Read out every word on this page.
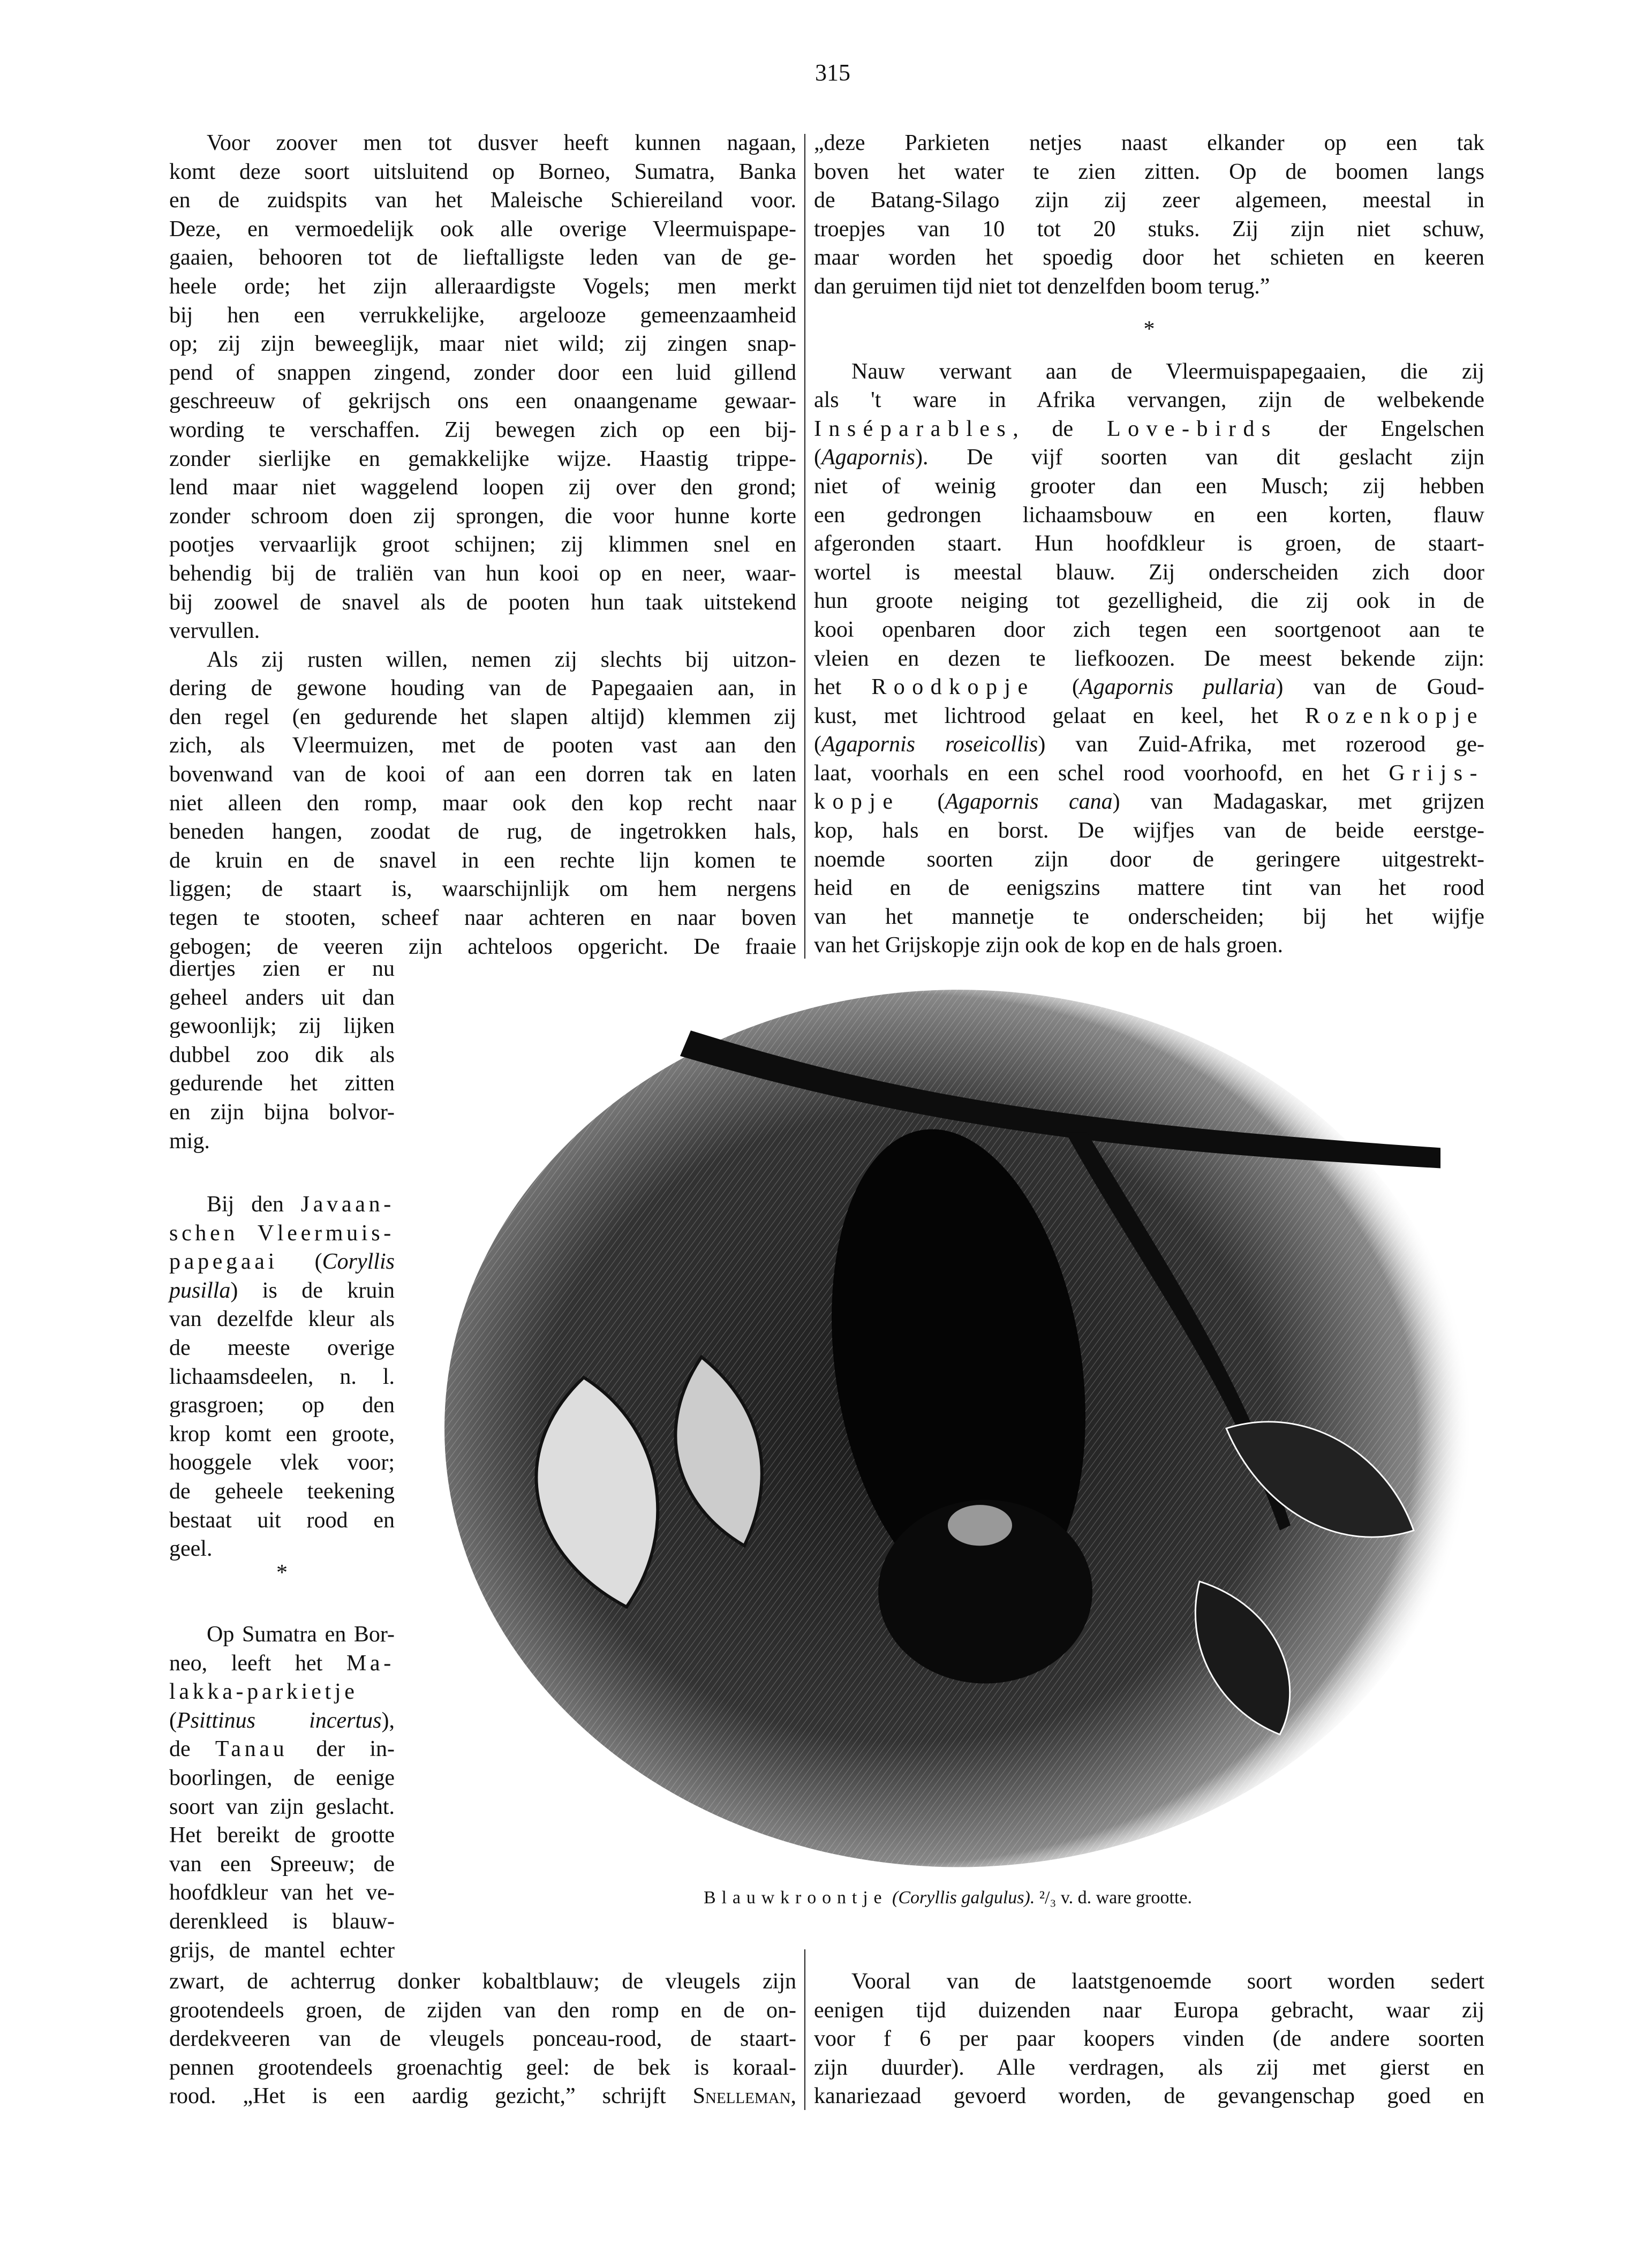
315
Voor zoover men tot dusver heeft kunnen nagaan,
komt deze soort uitsluitend op Borneo, Sumatra, Banka
en de zuidspits van het Maleische Schiereiland voor.
Deze, en vermoedelijk ook alle overige Vleermuispape-
gaaien, behooren tot de lieftalligste leden van de ge-
heele orde; het zijn alleraardigste Vogels; men merkt
bij hen een verrukkelijke, argelooze gemeenzaamheid
op; zij zijn beweeglijk, maar niet wild; zij zingen snap-
pend of snappen zingend, zonder door een luid gillend
geschreeuw of gekrijsch ons een onaangename gewaar-
wording te verschaffen. Zij bewegen zich op een bij-
zonder sierlijke en gemakkelijke wijze. Haastig trippe-
lend maar niet waggelend loopen zij over den grond;
zonder schroom doen zij sprongen, die voor hunne korte
pootjes vervaarlijk groot schijnen; zij klimmen snel en
behendig bij de traliën van hun kooi op en neer, waar-
bij zoowel de snavel als de pooten hun taak uitstekend
vervullen.
Als zij rusten willen, nemen zij slechts bij uitzon-
dering de gewone houding van de Papegaaien aan, in
den regel (en gedurende het slapen altijd) klemmen zij
zich, als Vleermuizen, met de pooten vast aan den
bovenwand van de kooi of aan een dorren tak en laten
niet alleen den romp, maar ook den kop recht naar
beneden hangen, zoodat de rug, de ingetrokken hals,
de kruin en de snavel in een rechte lijn komen te
liggen; de staart is, waarschijnlijk om hem nergens
tegen te stooten, scheef naar achteren en naar boven
gebogen; de veeren zijn achteloos opgericht. De fraaie
diertjes zien er nu
geheel anders uit dan
gewoonlijk; zij lijken
dubbel zoo dik als
gedurende het zitten
en zijn bijna bolvor-
mig.
Bij den Javaan-
schen Vleermuis-
papegaai (Coryllis
pusilla) is de kruin
van dezelfde kleur als
de meeste overige
lichaamsdeelen, n. l.
grasgroen; op den
krop komt een groote,
hooggele vlek voor;
de geheele teekening
bestaat uit rood en
geel.
*
Op Sumatra en Bor-
neo, leeft het Ma-
lakka-parkietje
(Psittinus incertus),
de Tanau der in-
boorlingen, de eenige
soort van zijn geslacht.
Het bereikt de grootte
van een Spreeuw; de
hoofdkleur van het ve-
derenkleed is blauw-
grijs, de mantel echter
zwart, de achterrug donker kobaltblauw; de vleugels zijn
grootendeels groen, de zijden van den romp en de on-
derdekveeren van de vleugels ponceau-rood, de staart-
pennen grootendeels groenachtig geel: de bek is koraal-
rood. „Het is een aardig gezicht,” schrijft Snelleman,
„deze Parkieten netjes naast elkander op een tak
boven het water te zien zitten. Op de boomen langs
de Batang-Silago zijn zij zeer algemeen, meestal in
troepjes van 10 tot 20 stuks. Zij zijn niet schuw,
maar worden het spoedig door het schieten en keeren
dan geruimen tijd niet tot denzelfden boom terug.”
*
Nauw verwant aan de Vleermuispapegaaien, die zij
als 't ware in Afrika vervangen, zijn de welbekende
Inséparables, de Love-birds der Engelschen
(Agapornis). De vijf soorten van dit geslacht zijn
niet of weinig grooter dan een Musch; zij hebben
een gedrongen lichaamsbouw en een korten, flauw
afgeronden staart. Hun hoofdkleur is groen, de staart-
wortel is meestal blauw. Zij onderscheiden zich door
hun groote neiging tot gezelligheid, die zij ook in de
kooi openbaren door zich tegen een soortgenoot aan te
vleien en dezen te liefkoozen. De meest bekende zijn:
het Roodkopje (Agapornis pullaria) van de Goud-
kust, met lichtrood gelaat en keel, het Rozenkopje
(Agapornis roseicollis) van Zuid-Afrika, met rozerood ge-
laat, voorhals en een schel rood voorhoofd, en het Grijs-
kopje (Agapornis cana) van Madagaskar, met grijzen
kop, hals en borst. De wijfjes van de beide eerstge-
noemde soorten zijn door de geringere uitgestrekt-
heid en de eenigszins mattere tint van het rood
van het mannetje te onderscheiden; bij het wijfje
van het Grijskopje zijn ook de kop en de hals groen.
Vooral van de laatstgenoemde soort worden sedert
eenigen tijd duizenden naar Europa gebracht, waar zij
voor f 6 per paar koopers vinden (de andere soorten
zijn duurder). Alle verdragen, als zij met gierst en
kanariezaad gevoerd worden, de gevangenschap goed en
Blauwkroontje (Coryllis galgulus). ²/₃ v. d. ware grootte.
